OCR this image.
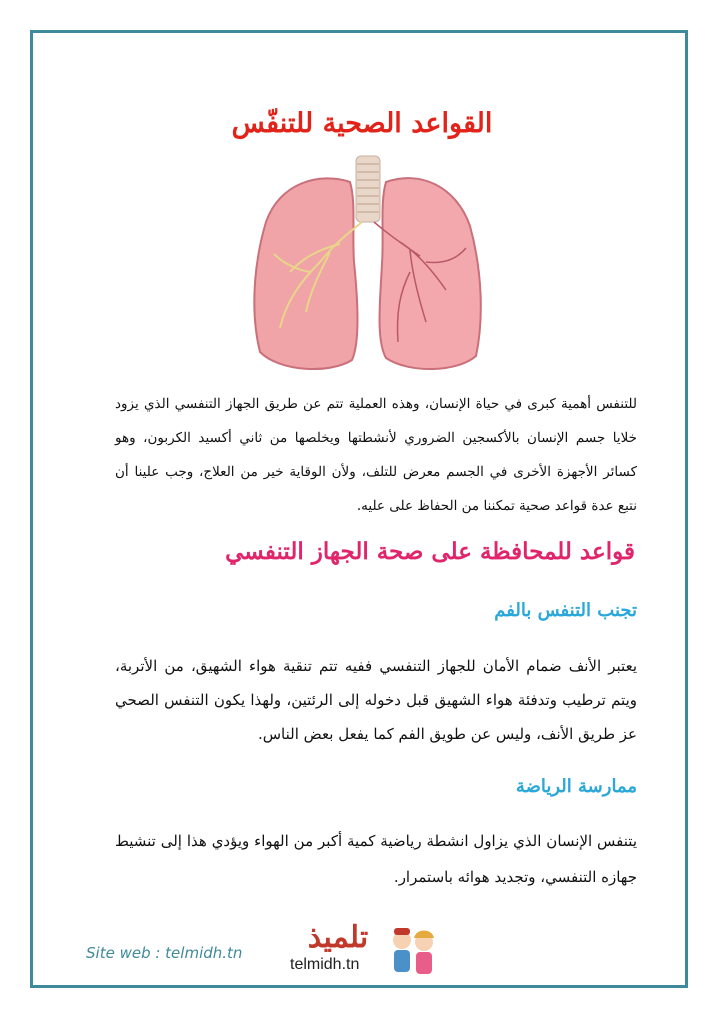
القواعد الصحية للتنفّس
للتنفس أهمية كبرى في حياة الإنسان، وهذه العملية تتم عن طريق الجهاز التنفسي الذي يزود خلايا جسم الإنسان بالأكسجين الضروري لأنشطتها ويخلصها من ثاني أكسيد الكربون، وهو كسائر الأجهزة الأخرى في الجسم معرض للتلف، ولأن الوقاية خير من العلاج، وجب علينا أن نتبع عدة قواعد صحية تمكننا من الحفاظ على عليه.
قواعد للمحافظة على صحة الجهاز التنفسي
تجنب التنفس بالفم
يعتبر الأنف ضمام الأمان للجهاز التنفسي ففيه تتم تنقية هواء الشهيق، من الأتربة، ويتم ترطيب وتدفئة هواء الشهيق قبل دخوله إلى الرئتين، ولهذا يكون التنفس الصحي عز طريق الأنف، وليس عن طويق الفم كما يفعل بعض الناس.
ممارسة الرياضة
يتنفس الإنسان الذي يزاول انشطة رياضية كمية أكبر من الهواء ويؤدي هذا إلى تنشيط جهازه التنفسي، وتجديد هوائه باستمرار.
Site web : telmidh.tn	تلميذ
telmidh.tn
